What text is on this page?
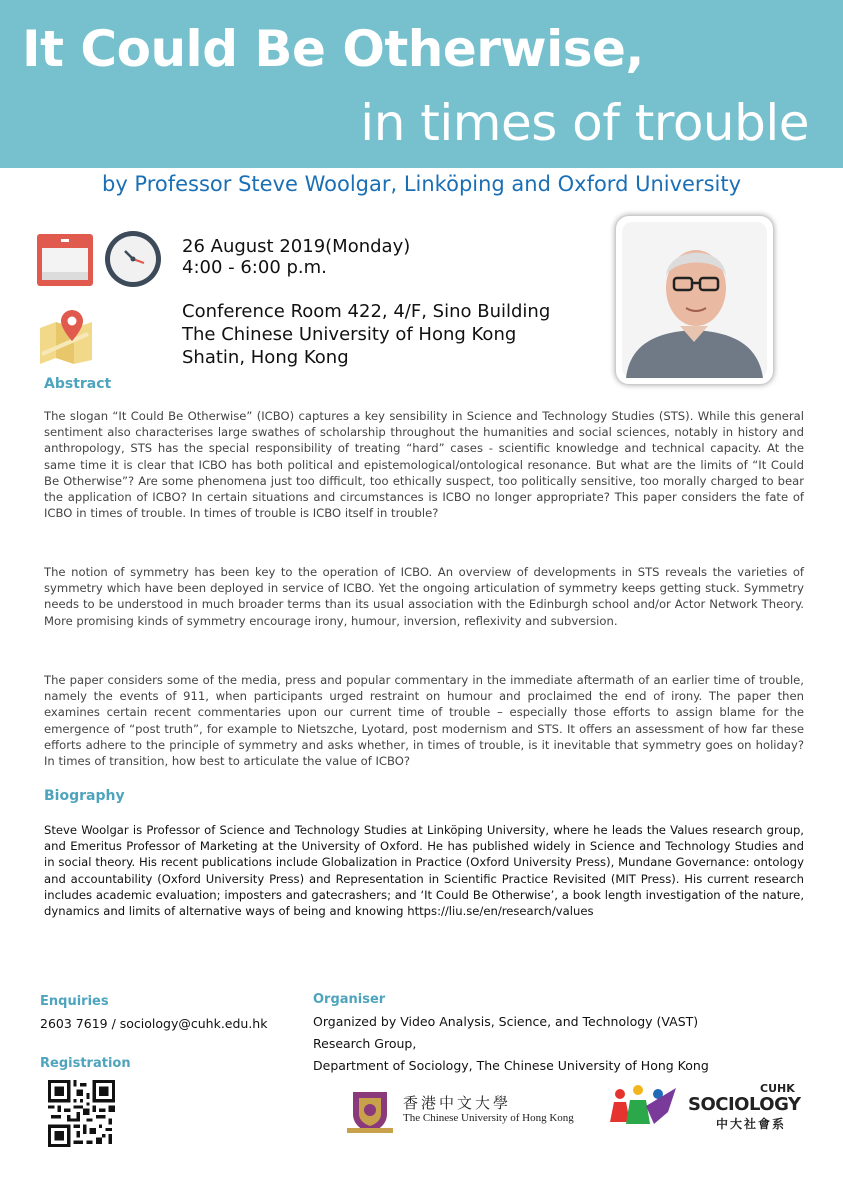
It Could Be Otherwise,
in times of trouble
by Professor Steve Woolgar, Linköping and Oxford University
26 August 2019(Monday)
4:00 - 6:00 p.m.
Conference Room 422, 4/F, Sino Building
The Chinese University of Hong Kong
Shatin, Hong Kong
Abstract
The slogan “It Could Be Otherwise” (ICBO) captures a key sensibility in Science and Technology Studies (STS). While this general sentiment also characterises large swathes of scholarship throughout the humanities and social sciences, notably in history and anthropology, STS has the special responsibility of treating “hard” cases - scientific knowledge and technical capacity. At the same time it is clear that ICBO has both political and epistemological/ontological resonance. But what are the limits of “It Could Be Otherwise”? Are some phenomena just too difficult, too ethically suspect, too politically sensitive, too morally charged to bear the application of ICBO? In certain situations and circumstances is ICBO no longer appropriate? This paper considers the fate of ICBO in times of trouble. In times of trouble is ICBO itself in trouble?
The notion of symmetry has been key to the operation of ICBO. An overview of developments in STS reveals the varieties of symmetry which have been deployed in service of ICBO. Yet the ongoing articulation of symmetry keeps getting stuck. Symmetry needs to be understood in much broader terms than its usual association with the Edinburgh school and/or Actor Network Theory. More promising kinds of symmetry encourage irony, humour, inversion, reflexivity and subversion.
The paper considers some of the media, press and popular commentary in the immediate aftermath of an earlier time of trouble, namely the events of 911, when participants urged restraint on humour and proclaimed the end of irony. The paper then examines certain recent commentaries upon our current time of trouble – especially those efforts to assign blame for the emergence of “post truth”, for example to Nietszche, Lyotard, post modernism and STS. It offers an assessment of how far these efforts adhere to the principle of symmetry and asks whether, in times of trouble, is it inevitable that symmetry goes on holiday? In times of transition, how best to articulate the value of ICBO?
Biography
Steve Woolgar is Professor of Science and Technology Studies at Linköping University, where he leads the Values research group, and Emeritus Professor of Marketing at the University of Oxford. He has published widely in Science and Technology Studies and in social theory. His recent publications include Globalization in Practice (Oxford University Press), Mundane Governance: ontology and accountability (Oxford University Press) and Representation in Scientific Practice Revisited (MIT Press). His current research includes academic evaluation; imposters and gatecrashers; and ‘It Could Be Otherwise’, a book length investigation of the nature, dynamics and limits of alternative ways of being and knowing https://liu.se/en/research/values
Enquiries
2603 7619 / sociology@cuhk.edu.hk
Registration
Organiser
Organized by Video Analysis, Science, and Technology (VAST)
Research Group,
Department of Sociology, The Chinese University of Hong Kong
香港中文大學
The Chinese University of Hong Kong
CUHK
SOCIOLOGY
中大社會系
